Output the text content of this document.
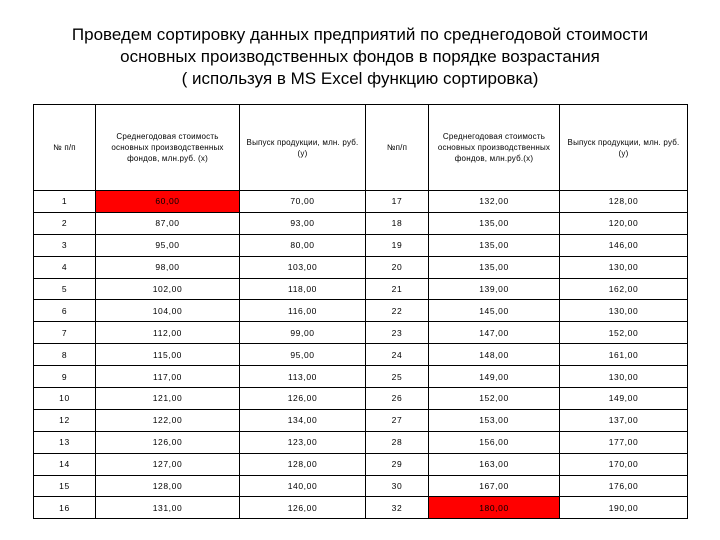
Проведем сортировку данных предприятий по среднегодовой стоимости
основных производственных фондов в порядке возрастания
( используя в MS Excel функцию сортировка)
№ п/п	Среднегодовая стоимость основных производственных фондов, млн.руб. (x)	Выпуск продукции, млн. руб. (y)	№п/п	Среднегодовая стоимость основных производственных фондов, млн.руб.(x)	Выпуск продукции, млн. руб.(y)
1	60,00	70,00	17	132,00	128,00
2	87,00	93,00	18	135,00	120,00
3	95,00	80,00	19	135,00	146,00
4	98,00	103,00	20	135,00	130,00
5	102,00	118,00	21	139,00	162,00
6	104,00	116,00	22	145,00	130,00
7	112,00	99,00	23	147,00	152,00
8	115,00	95,00	24	148,00	161,00
9	117,00	113,00	25	149,00	130,00
10	121,00	126,00	26	152,00	149,00
12	122,00	134,00	27	153,00	137,00
13	126,00	123,00	28	156,00	177,00
14	127,00	128,00	29	163,00	170,00
15	128,00	140,00	30	167,00	176,00
16	131,00	126,00	32	180,00	190,00
